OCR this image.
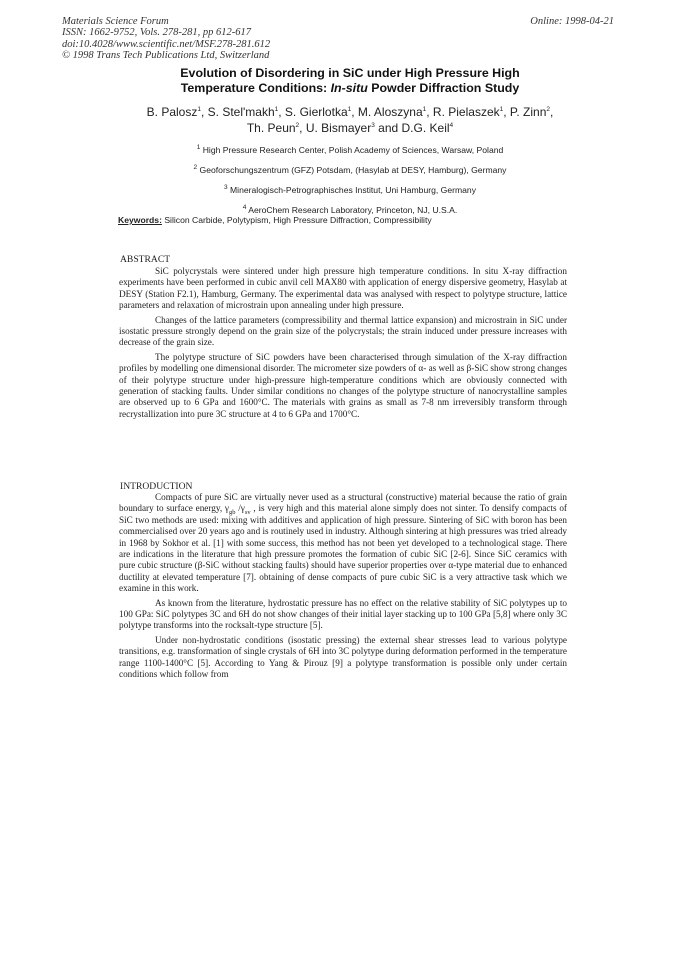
Materials Science Forum
ISSN: 1662-9752, Vols. 278-281, pp 612-617
doi:10.4028/www.scientific.net/MSF.278-281.612
© 1998 Trans Tech Publications Ltd, Switzerland
Online: 1998-04-21
Evolution of Disordering in SiC under High Pressure High
Temperature Conditions: In-situ Powder Diffraction Study
B. Palosz$^1$, S. Stel'makh$^1$, S. Gierlotka$^1$, M. Aloszyna$^1$, R. Pielaszek$^1$, P. Zinn$^2$,
Th. Peun$^2$, U. Bismayer$^3$ and D.G. Keil$^4$
$^1$ High Pressure Research Center, Polish Academy of Sciences, Warsaw, Poland
$^2$ Geoforschungszentrum (GFZ) Potsdam, (Hasylab at DESY, Hamburg), Germany
$^3$ Mineralogisch-Petrographisches Institut, Uni Hamburg, Germany
$^4$ AeroChem Research Laboratory, Princeton, NJ, U.S.A.
Keywords: Silicon Carbide, Polytypism, High Pressure Diffraction, Compressibility
ABSTRACT

SiC polycrystals were sintered under high pressure high temperature conditions. In situ X-ray diffraction experiments have been performed in cubic anvil cell MAX80 with application of energy dispersive geometry, Hasylab at DESY (Station F2.1), Hamburg, Germany. The experimental data was analysed with respect to polytype structure, lattice parameters and relaxation of microstrain upon annealing under high pressure.

Changes of the lattice parameters (compressibility and thermal lattice expansion) and microstrain in SiC under isostatic pressure strongly depend on the grain size of the polycrystals; the strain induced under pressure increases with decrease of the grain size.

The polytype structure of SiC powders have been characterised through simulation of the X-ray diffraction profiles by modelling one dimensional disorder. The micrometer size powders of α- as well as β-SiC show strong changes of their polytype structure under high-pressure high-temperature conditions which are obviously connected with generation of stacking faults. Under similar conditions no changes of the polytype structure of nanocrystalline samples are observed up to 6 GPa and 1600°C. The materials with grains as small as 7-8 nm irreversibly transform through recrystallization into pure 3C structure at 4 to 6 GPa and 1700°C.

INTRODUCTION

Compacts of pure SiC are virtually never used as a structural (constructive) material because the ratio of grain boundary to surface energy, $\gamma_{gb}$ $/\gamma_{sv}$ , is very high and this material alone simply does not sinter. To densify compacts of SiC two methods are used: mixing with additives and application of high pressure. Sintering of SiC with boron has been commercialised over 20 years ago and is routinely used in industry. Although sintering at high pressures was tried already in 1968 by Sokhor et al. [1] with some success, this method has not been yet developed to a technological stage. There are indications in the literature that high pressure promotes the formation of cubic SiC [2-6]. Since SiC ceramics with pure cubic structure (β-SiC without stacking faults) should have superior properties over α-type material due to enhanced ductility at elevated temperature [7]. obtaining of dense compacts of pure cubic SiC is a very attractive task which we examine in this work.

As known from the literature, hydrostatic pressure has no effect on the relative stability of SiC polytypes up to 100 GPa: SiC polytypes 3C and 6H do not show changes of their initial layer stacking up to 100 GPa [5,8] where only 3C polytype transforms into the rocksalt-type structure [5].

Under non-hydrostatic conditions (isostatic pressing) the external shear stresses lead to various polytype transitions, e.g. transformation of single crystals of 6H into 3C polytype during deformation performed in the temperature range 1100-1400°C [5]. According to Yang & Pirouz [9] a polytype transformation is possible only under certain conditions which follow from
